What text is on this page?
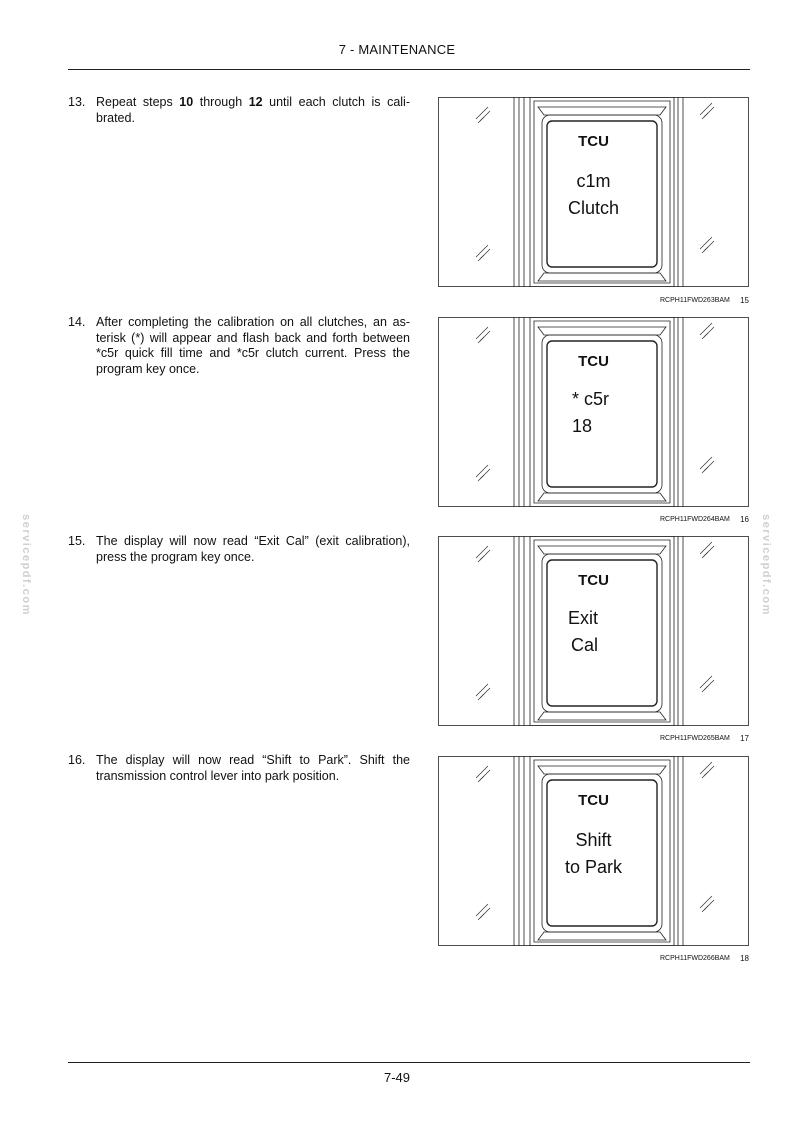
7 - MAINTENANCE
servicepdf.com	servicepdf.com
13. Repeat steps 10 through 12 until each clutch is cali-brated.
14. After completing the calibration on all clutches, an as-terisk (*) will appear and flash back and forth between *c5r quick fill time and *c5r clutch current. Press the program key once.
15. The display will now read “Exit Cal” (exit calibration), press the program key once.
16. The display will now read “Shift to Park”. Shift the transmission control lever into park position.
TCU
c1m
Clutch
RCPH11FWD263BAM 15
TCU
* c5r
18
RCPH11FWD264BAM 16
TCU
Exit
Cal
RCPH11FWD265BAM 17
TCU
Shift
to Park
RCPH11FWD266BAM 18
7-49
